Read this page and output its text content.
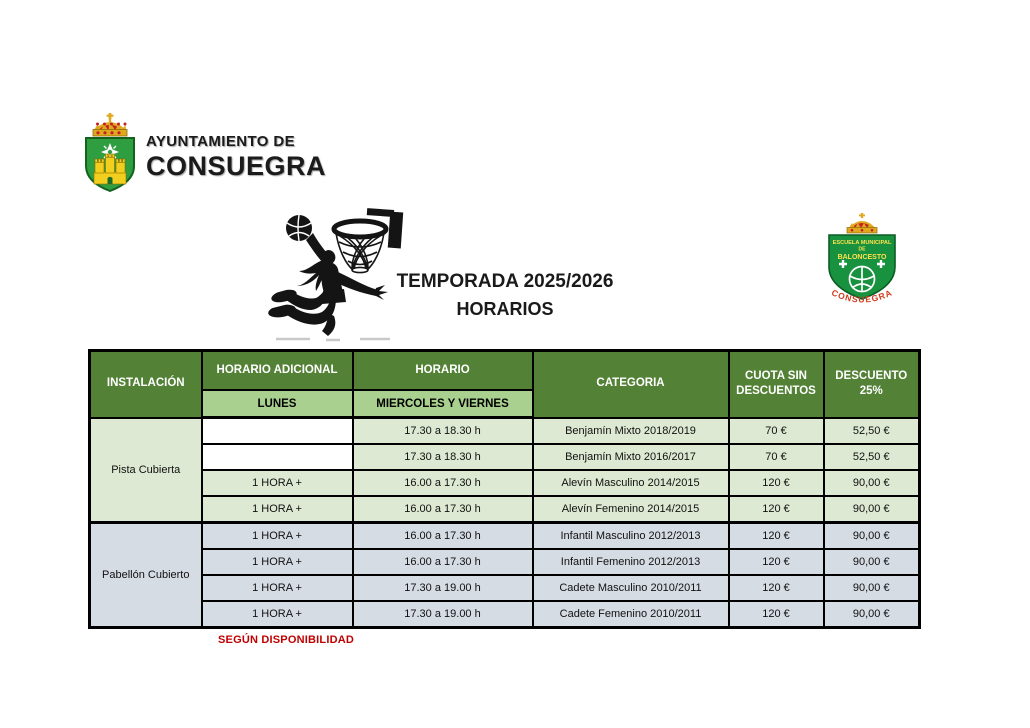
AYUNTAMIENTO DE
CONSUEGRA
TEMPORADA 2025/2026
HORARIOS
ESCUELA MUNICIPAL
DE
BALONCESTO
CONSUEGRA
INSTALACIÓN	HORARIO ADICIONAL	HORARIO	CATEGORIA	CUOTA SIN DESCUENTOS	DESCUENTO 25%
	LUNES	MIERCOLES Y VIERNES			
Pista Cubierta		17.30 a 18.30 h	Benjamín Mixto 2018/2019	70 €	52,50 €
		17.30 a 18.30 h	Benjamín Mixto 2016/2017	70 €	52,50 €
	1 HORA +	16.00 a 17.30 h	Alevín Masculino 2014/2015	120 €	90,00 €
	1 HORA +	16.00 a 17.30 h	Alevín Femenino 2014/2015	120 €	90,00 €
Pabellón Cubierto	1 HORA +	16.00 a 17.30 h	Infantil Masculino 2012/2013	120 €	90,00 €
	1 HORA +	16.00 a 17.30 h	Infantil Femenino 2012/2013	120 €	90,00 €
	1 HORA +	17.30 a 19.00 h	Cadete Masculino 2010/2011	120 €	90,00 €
	1 HORA +	17.30 a 19.00 h	Cadete Femenino 2010/2011	120 €	90,00 €
SEGÚN DISPONIBILIDAD
